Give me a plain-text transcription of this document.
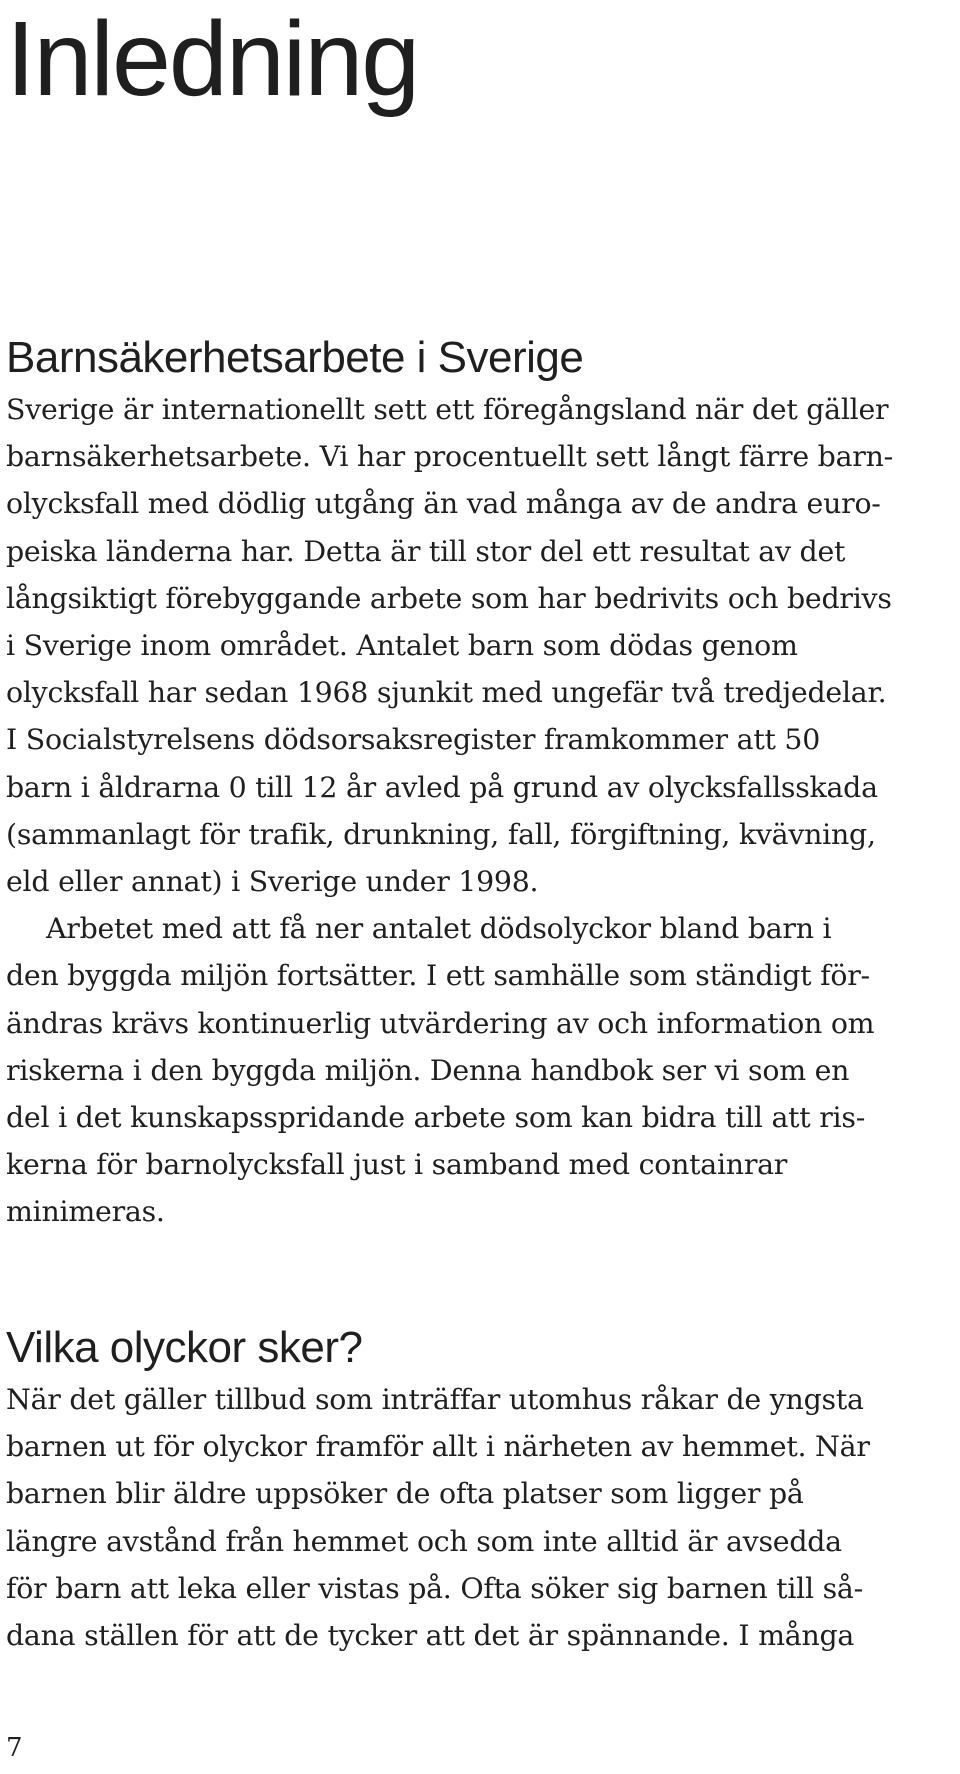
Inledning
Barnsäkerhetsarbete i Sverige
Sverige är internationellt sett ett föregångsland när det gäller
barnsäkerhetsarbete. Vi har procentuellt sett långt färre barn-
olycksfall med dödlig utgång än vad många av de andra euro-
peiska länderna har. Detta är till stor del ett resultat av det
långsiktigt förebyggande arbete som har bedrivits och bedrivs
i Sverige inom området. Antalet barn som dödas genom
olycksfall har sedan 1968 sjunkit med ungefär två tredjedelar.
I Socialstyrelsens dödsorsaksregister framkommer att 50
barn i åldrarna 0 till 12 år avled på grund av olycksfallsskada
(sammanlagt för trafik, drunkning, fall, förgiftning, kvävning,
eld eller annat) i Sverige under 1998.
Arbetet med att få ner antalet dödsolyckor bland barn i
den byggda miljön fortsätter. I ett samhälle som ständigt för-
ändras krävs kontinuerlig utvärdering av och information om
riskerna i den byggda miljön. Denna handbok ser vi som en
del i det kunskapsspridande arbete som kan bidra till att ris-
kerna för barnolycksfall just i samband med containrar
minimeras.
Vilka olyckor sker?
När det gäller tillbud som inträffar utomhus råkar de yngsta
barnen ut för olyckor framför allt i närheten av hemmet. När
barnen blir äldre uppsöker de ofta platser som ligger på
längre avstånd från hemmet och som inte alltid är avsedda
för barn att leka eller vistas på. Ofta söker sig barnen till så-
dana ställen för att de tycker att det är spännande. I många
7
